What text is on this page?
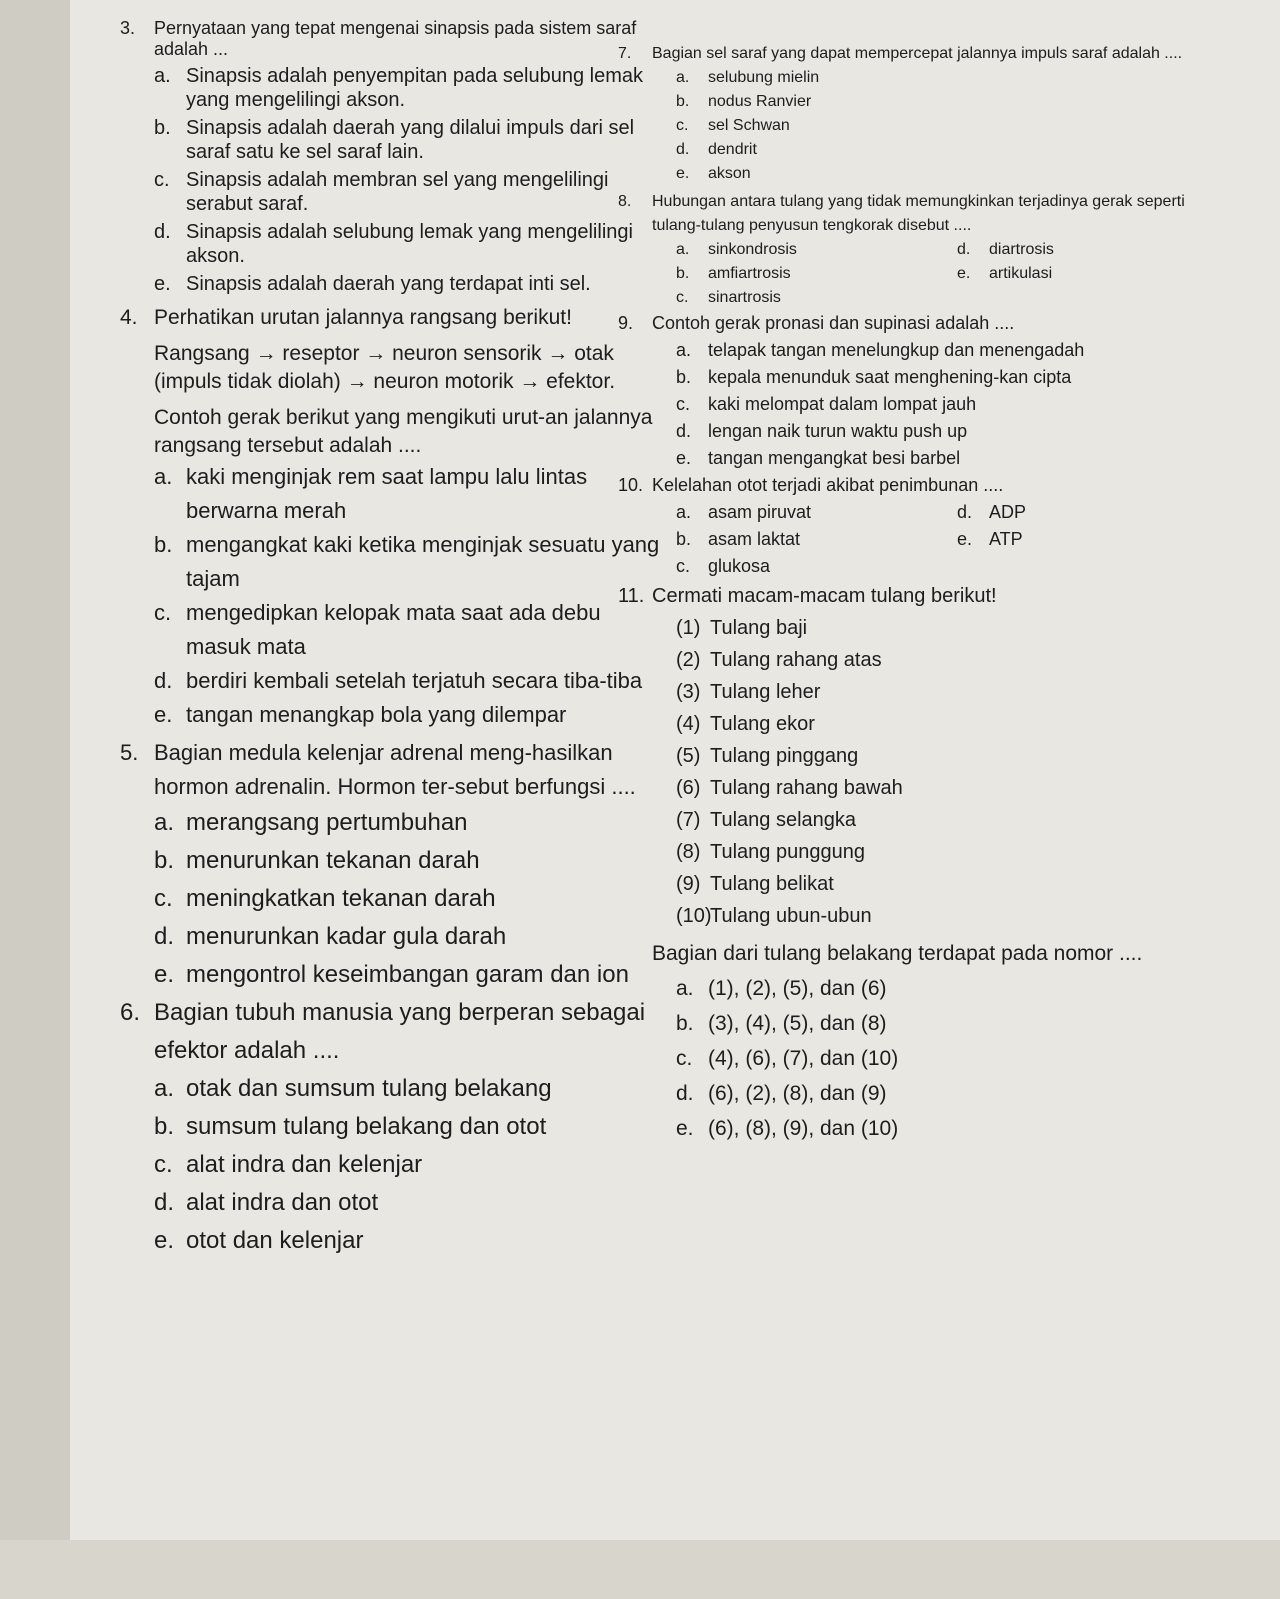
3. Pernyataan yang tepat mengenai sinapsis pada sistem saraf adalah ...
a. Sinapsis adalah penyempitan pada selubung lemak yang mengelilingi akson.
b. Sinapsis adalah daerah yang dilalui impuls dari sel saraf satu ke sel saraf lain.
c. Sinapsis adalah membran sel yang mengelilingi serabut saraf.
d. Sinapsis adalah selubung lemak yang mengelilingi akson.
e. Sinapsis adalah daerah yang terdapat inti sel.
4. Perhatikan urutan jalannya rangsang berikut!
Rangsang → reseptor → neuron sensorik → otak (impuls tidak diolah) → neuron motorik → efektor.
Contoh gerak berikut yang mengikuti urut-an jalannya rangsang tersebut adalah ....
a. kaki menginjak rem saat lampu lalu lintas berwarna merah
b. mengangkat kaki ketika menginjak sesuatu yang tajam
c. mengedipkan kelopak mata saat ada debu masuk mata
d. berdiri kembali setelah terjatuh secara tiba-tiba
e. tangan menangkap bola yang dilempar
5. Bagian medula kelenjar adrenal meng-hasilkan hormon adrenalin. Hormon ter-sebut berfungsi ....
a. merangsang pertumbuhan
b. menurunkan tekanan darah
c. meningkatkan tekanan darah
d. menurunkan kadar gula darah
e. mengontrol keseimbangan garam dan ion
6. Bagian tubuh manusia yang berperan sebagai efektor adalah ....
a. otak dan sumsum tulang belakang
b. sumsum tulang belakang dan otot
c. alat indra dan kelenjar
d. alat indra dan otot
e. otot dan kelenjar
7. Bagian sel saraf yang dapat mempercepat jalannya impuls saraf adalah ....
a.	selubung mielin
b.	nodus Ranvier
c.	sel Schwan
d.	dendrit
e.	akson
8. Hubungan antara tulang yang tidak memungkinkan terjadinya gerak seperti tulang-tulang penyusun tengkorak disebut ....
a.	sinkondrosis	d.	diartrosis
b.	amfiartrosis	e.	artikulasi
c.	sinartrosis
9. Contoh gerak pronasi dan supinasi adalah ....
a. telapak tangan menelungkup dan menengadah
b. kepala menunduk saat menghening-kan cipta
c. kaki melompat dalam lompat jauh
d. lengan naik turun waktu push up
e. tangan mengangkat besi barbel
10. Kelelahan otot terjadi akibat penimbunan ....
a. asam piruvat	d. ADP
b. asam laktat	e. ATP
c. glukosa
11. Cermati macam-macam tulang berikut!
(1) Tulang baji
(2) Tulang rahang atas
(3) Tulang leher
(4) Tulang ekor
(5) Tulang pinggang
(6) Tulang rahang bawah
(7) Tulang selangka
(8) Tulang punggung
(9) Tulang belikat
(10)
Tulang ubun-ubun
Bagian dari tulang belakang terdapat pada nomor ....
a. (1), (2), (5), dan (6)
b. (3), (4), (5), dan (8)
c. (4), (6), (7), dan (10)
d. (6), (2), (8), dan (9)
e. (6), (8), (9), dan (10)
